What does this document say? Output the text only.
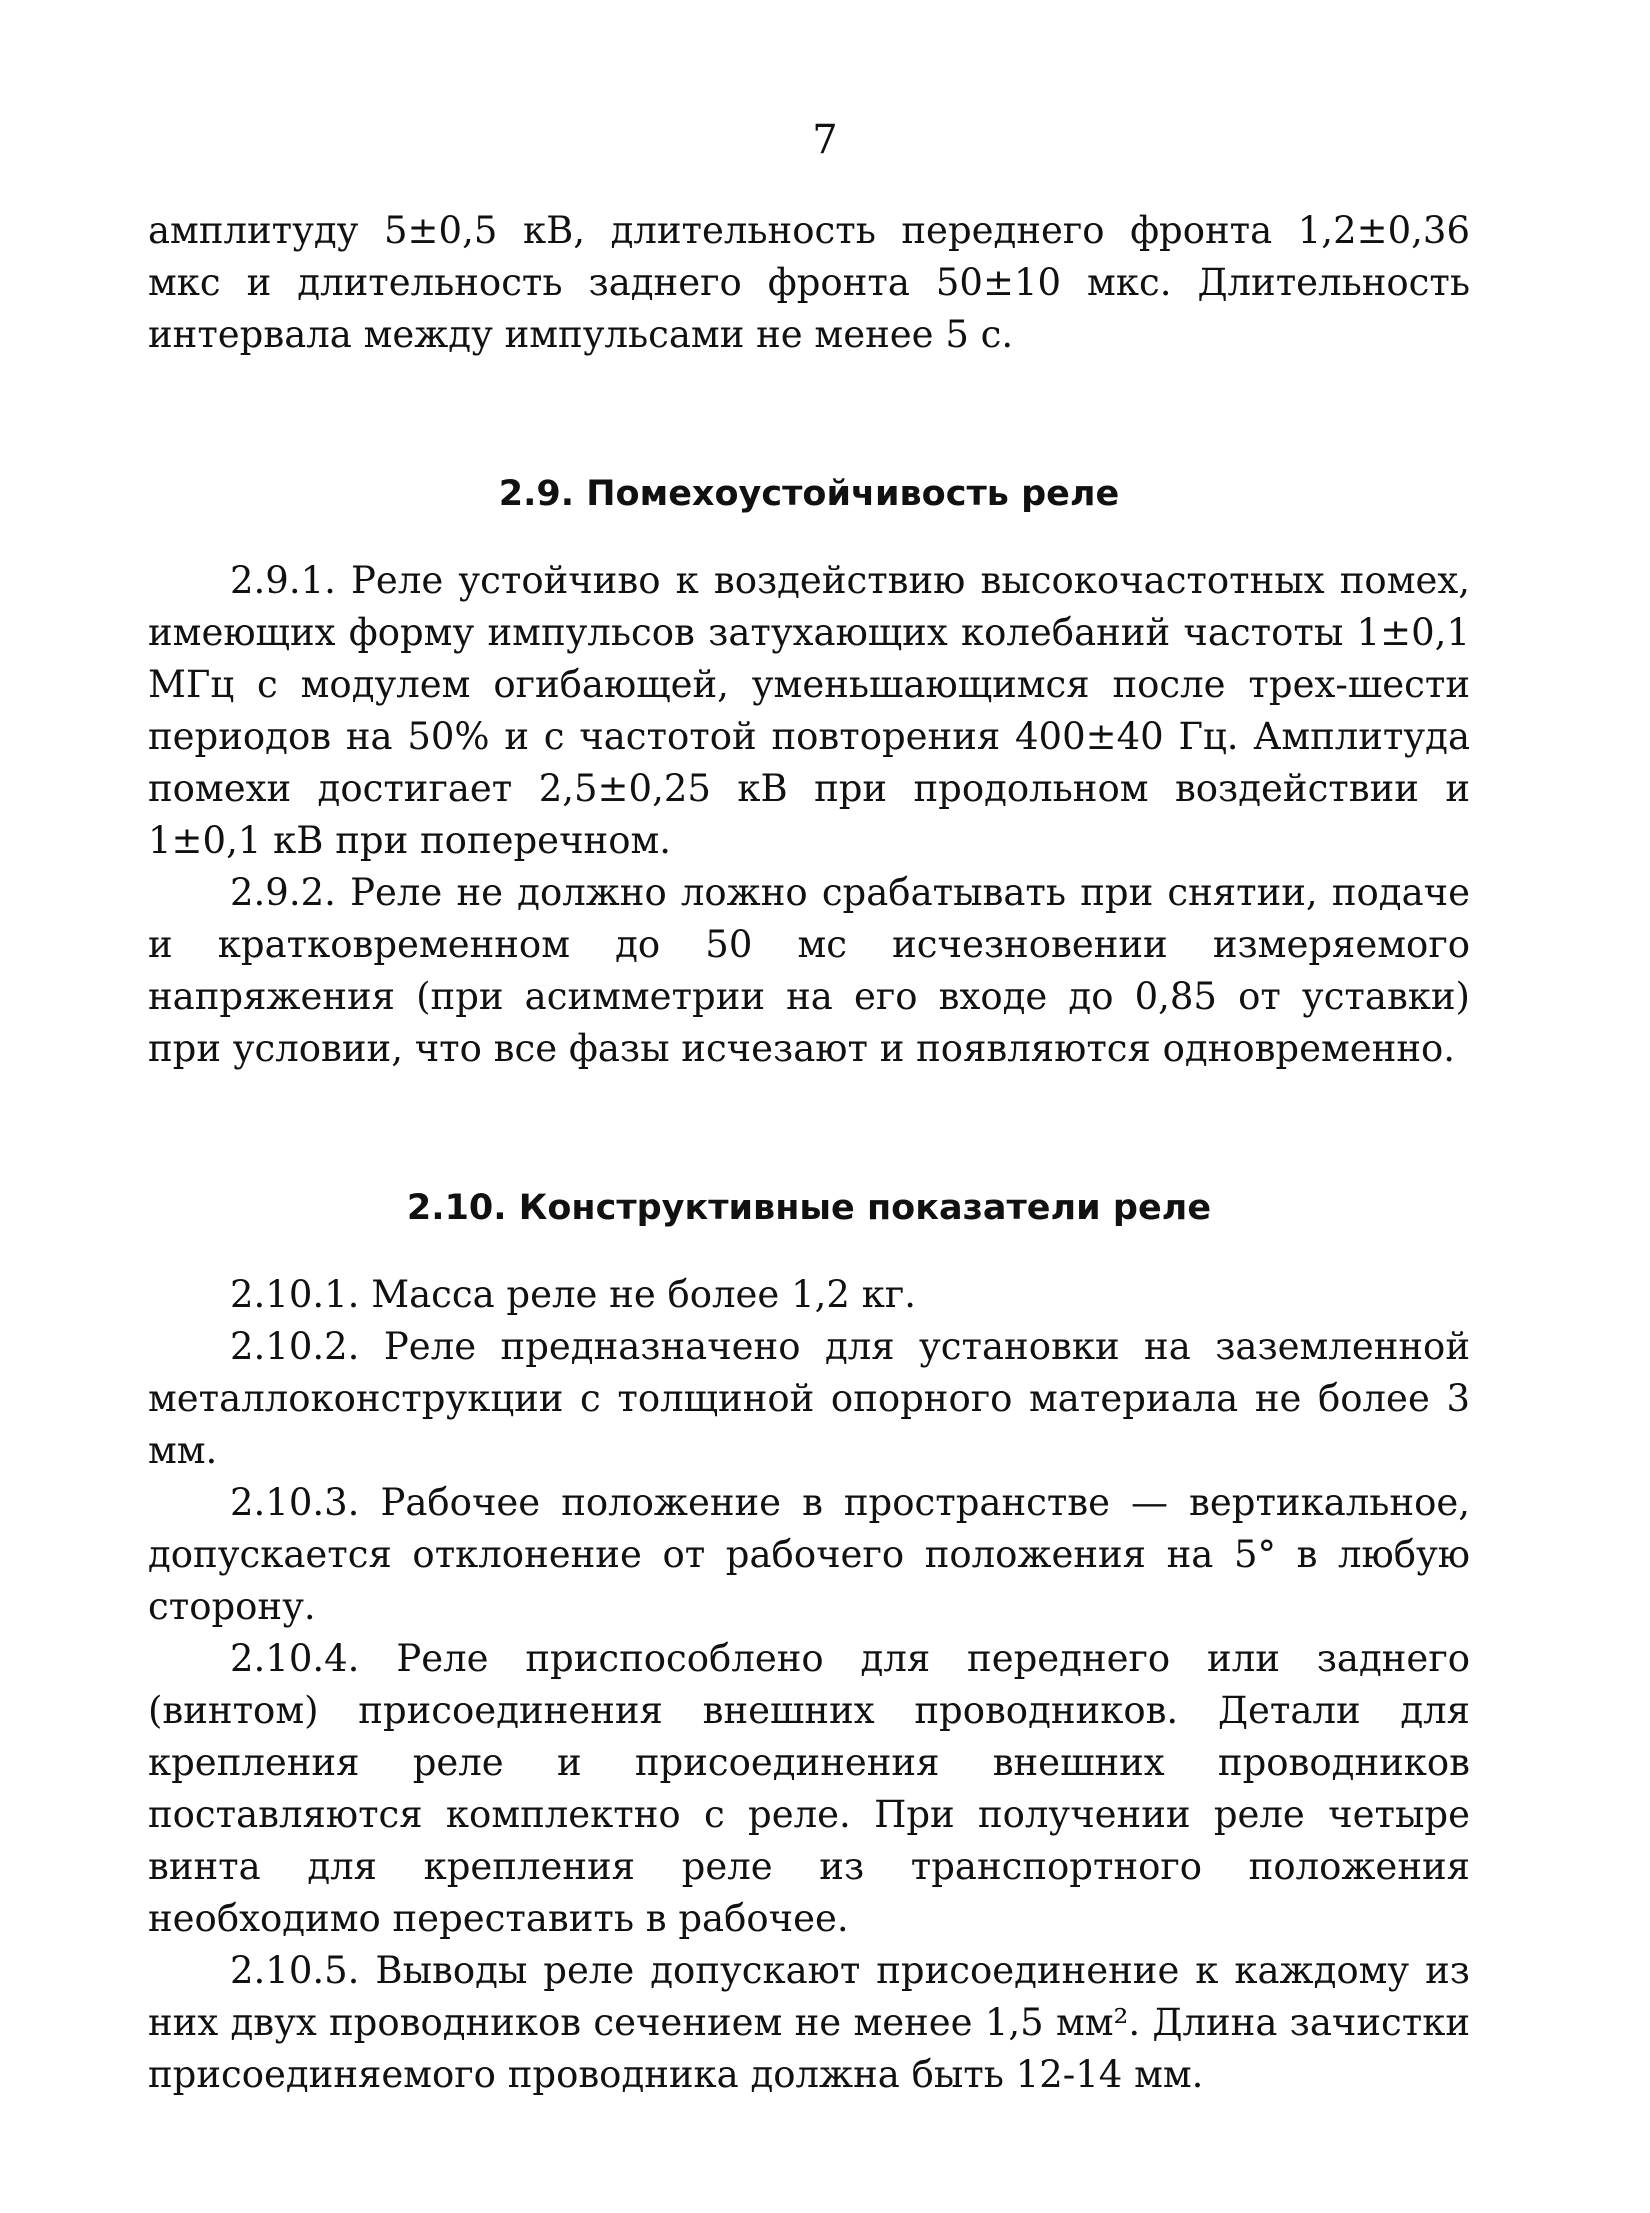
7

амплитуду 5±0,5 кВ, длительность переднего фронта 1,2±0,36 мкс и длительность заднего фронта 50±10 мкс. Длительность интервала между импульсами не менее 5 с.

2.9. Помехоустойчивость реле

2.9.1. Реле устойчиво к воздействию высокочастотных помех, имеющих форму импульсов затухающих колебаний частоты 1±0,1 МГц с модулем огибающей, уменьшающимся после трех-шести периодов на 50% и с частотой повторения 400±40 Гц. Амплитуда помехи достигает 2,5±0,25 кВ при продольном воздействии и 1±0,1 кВ при поперечном.

2.9.2. Реле не должно ложно срабатывать при снятии, подаче и кратковременном до 50 мс исчезновении измеряемого напряжения (при асимметрии на его входе до 0,85 от уставки) при условии, что все фазы исчезают и появляются одновременно.

2.10. Конструктивные показатели реле

2.10.1. Масса реле не более 1,2 кг.

2.10.2. Реле предназначено для установки на заземленной металлоконструкции с толщиной опорного материала не более 3 мм.

2.10.3. Рабочее положение в пространстве — вертикальное, допускается отклонение от рабочего положения на 5° в любую сторону.

2.10.4. Реле приспособлено для переднего или заднего (винтом) присоединения внешних проводников. Детали для крепления реле и присоединения внешних проводников поставляются комплектно с реле. При получении реле четыре винта для крепления реле из транспортного положения необходимо переставить в рабочее.

2.10.5. Выводы реле допускают присоединение к каждому из них двух проводников сечением не менее 1,5 мм². Длина зачистки присоединяемого проводника должна быть 12-14 мм.
